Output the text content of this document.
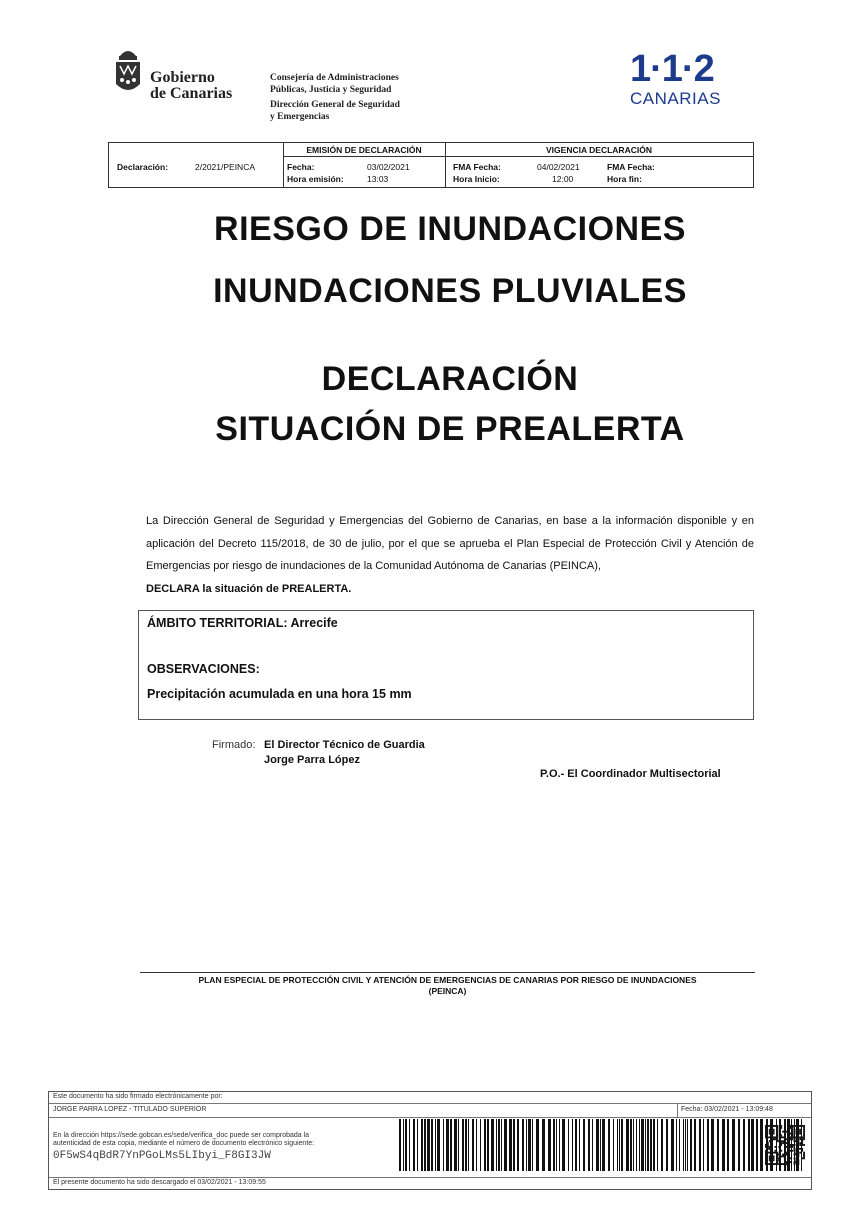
Gobierno
de Canarias
Consejería de Administraciones
Públicas, Justicia y Seguridad
Dirección General de Seguridad
y Emergencias
1·1·2
CANARIAS
Declaración:	2/2021/PEINCA
EMISIÓN DE DECLARACIÓN	VIGENCIA DECLARACIÓN
Fecha:	03/02/2021
Hora emisión:	13:03
FMA Fecha:	04/02/2021
Hora Inicio:	12:00
FMA Fecha:
Hora fin:
RIESGO DE INUNDACIONES
INUNDACIONES PLUVIALES
DECLARACIÓN
SITUACIÓN DE PREALERTA
La Dirección General de Seguridad y Emergencias del Gobierno de Canarias, en base a la información disponible y en aplicación del Decreto 115/2018, de 30 de julio, por el que se aprueba el Plan Especial de Protección Civil y Atención de Emergencias por riesgo de inundaciones de la Comunidad Autónoma de Canarias (PEINCA),
DECLARA la situación de PREALERTA.
ÁMBITO TERRITORIAL: Arrecife
OBSERVACIONES:
Precipitación acumulada en una hora 15 mm
Firmado: El Director Técnico de Guardia
Jorge Parra López
P.O.- El Coordinador Multisectorial
PLAN ESPECIAL DE PROTECCIÓN CIVIL Y ATENCIÓN DE EMERGENCIAS DE CANARIAS POR RIESGO DE INUNDACIONES
(PEINCA)
Este documento ha sido firmado electrónicamente por:
JORGE PARRA LOPEZ - TITULADO SUPERIOR	Fecha: 03/02/2021 - 13:09:48
En la dirección https://sede.gobcan.es/sede/verifica_doc puede ser comprobada la
autenticidad de esta copia, mediante el número de documento electrónico siguiente:
0F5wS4qBdR7YnPGoLMs5LIbyi_F8GI3JW
El presente documento ha sido descargado el 03/02/2021 - 13:09:55
